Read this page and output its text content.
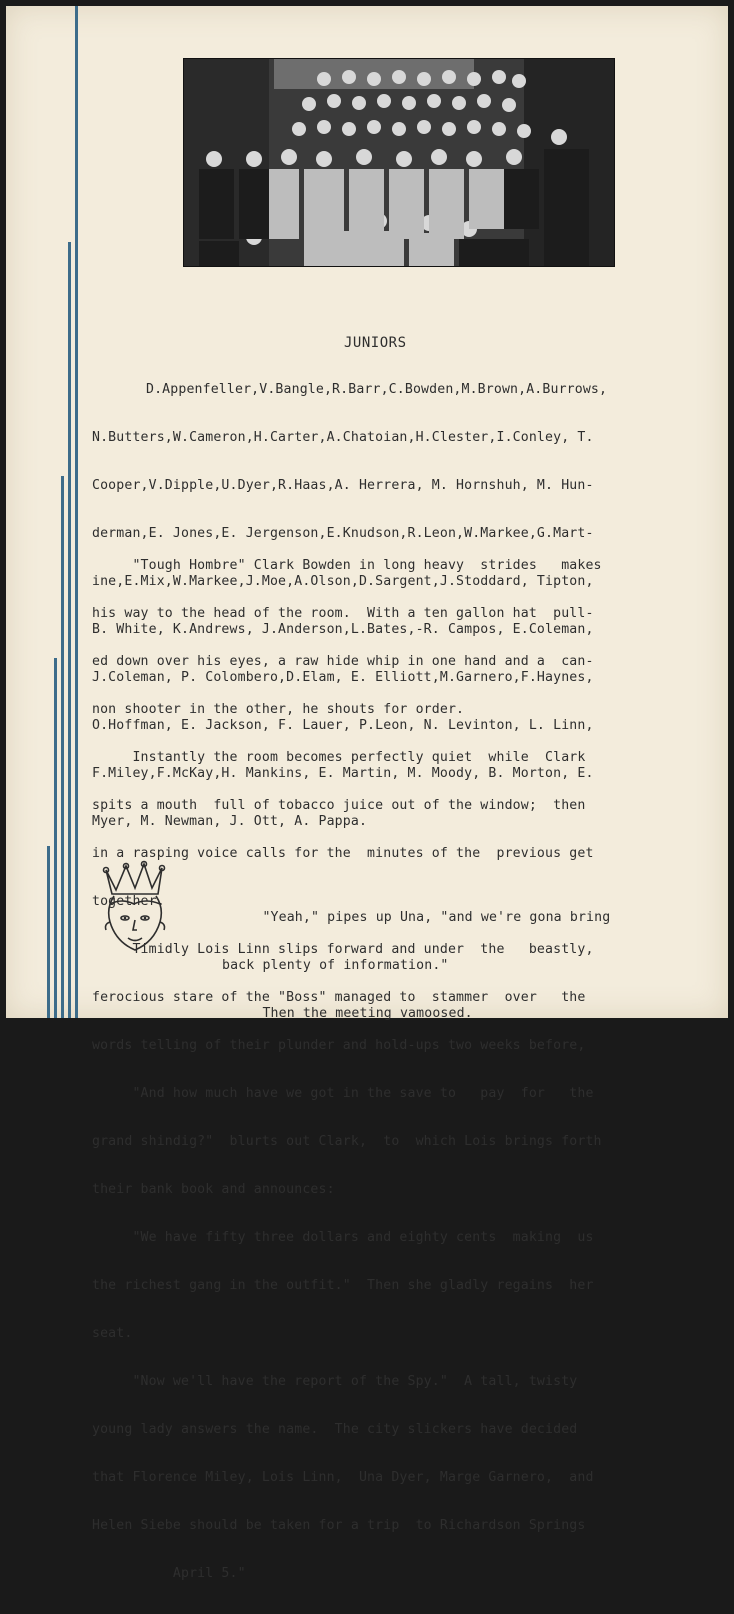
JUNIORS

D.Appenfeller,V.Bangle,R.Barr,C.Bowden,M.Brown,A.Burrows,

N.Butters,W.Cameron,H.Carter,A.Chatoian,H.Clester,I.Conley, T.

Cooper,V.Dipple,U.Dyer,R.Haas,A. Herrera, M. Hornshuh, M. Hun-

derman,E. Jones,E. Jergenson,E.Knudson,R.Leon,W.Markee,G.Mart-

ine,E.Mix,W.Markee,J.Moe,A.Olson,D.Sargent,J.Stoddard, Tipton,

B. White, K.Andrews, J.Anderson,L.Bates,-R. Campos, E.Coleman,

J.Coleman, P. Colombero,D.Elam, E. Elliott,M.Garnero,F.Haynes,

O.Hoffman, E. Jackson, F. Lauer, P.Leon, N. Levinton, L. Linn,

F.Miley,F.McKay,H. Mankins, E. Martin, M. Moody, B. Morton, E.

Myer, M. Newman, J. Ott, A. Pappa.

"Tough Hombre" Clark Bowden in long heavy  strides   makes

his way to the head of the room.  With a ten gallon hat  pull-

ed down over his eyes, a raw hide whip in one hand and a  can-

non shooter in the other, he shouts for order.

Instantly the room becomes perfectly quiet  while  Clark

spits a mouth  full of tobacco juice out of the window;  then

in a rasping voice calls for the  minutes of the  previous get

together.

Timidly Lois Linn slips forward and under  the   beastly,

ferocious stare of the "Boss" managed to  stammer  over   the

words telling of their plunder and hold-ups two weeks before,

"And how much have we got in the save to   pay  for   the

grand shindig?"  blurts out Clark,  to  which Lois brings forth

their bank book and announces:

"We have fifty three dollars and eighty cents  making  us

the richest gang in the outfit."  Then she gladly regains  her

seat.

"Now we'll have the report of the Spy."  A tall, twisty

young lady answers the name.  The city slickers have decided

that Florence Miley, Lois Linn,  Una Dyer, Marge Garnero,  and

Helen Siebe should be taken for a trip  to Richardson Springs

April 5."

"Yeah," pipes up Una, "and we're gona bring

back plenty of information."

Then the meeting vamoosed.
